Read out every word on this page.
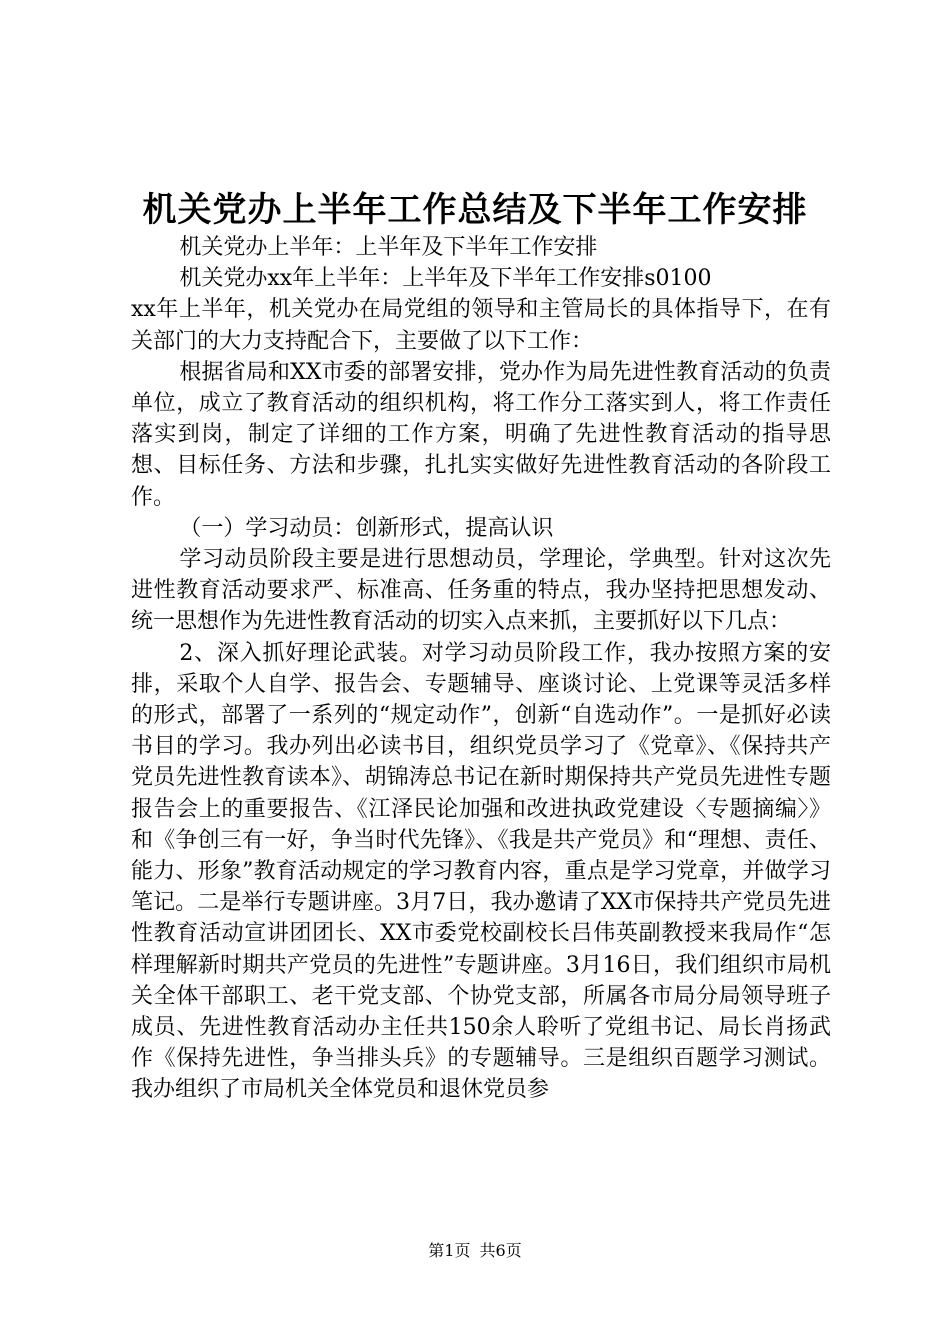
机关党办上半年工作总结及下半年工作安排

机关党办上半年：上半年及下半年工作安排

机关党办xx年上半年：上半年及下半年工作安排s0100

xx年上半年，机关党办在局党组的领导和主管局长的具体指导下，在有关部门的大力支持配合下，主要做了以下工作：

根据省局和XX市委的部署安排，党办作为局先进性教育活动的负责单位，成立了教育活动的组织机构，将工作分工落实到人，将工作责任落实到岗，制定了详细的工作方案，明确了先进性教育活动的指导思想、目标任务、方法和步骤，扎扎实实做好先进性教育活动的各阶段工作。

（一）学习动员：创新形式，提高认识

学习动员阶段主要是进行思想动员，学理论，学典型。针对这次先进性教育活动要求严、标准高、任务重的特点，我办坚持把思想发动、统一思想作为先进性教育活动的切实入点来抓，主要抓好以下几点：

2、深入抓好理论武装。对学习动员阶段工作，我办按照方案的安排，采取个人自学、报告会、专题辅导、座谈讨论、上党课等灵活多样的形式，部署了一系列的“规定动作”，创新“自选动作”。一是抓好必读书目的学习。我办列出必读书目，组织党员学习了《党章》、《保持共产党员先进性教育读本》、胡锦涛总书记在新时期保持共产党员先进性专题报告会上的重要报告、《江泽民论加强和改进执政党建设〈专题摘编〉》和《争创三有一好，争当时代先锋》、《我是共产党员》和“理想、责任、能力、形象”教育活动规定的学习教育内容，重点是学习党章，并做学习笔记。二是举行专题讲座。3月7日，我办邀请了XX市保持共产党员先进性教育活动宣讲团团长、XX市委党校副校长吕伟英副教授来我局作“怎样理解新时期共产党员的先进性”专题讲座。3月16日，我们组织市局机关全体干部职工、老干党支部、个协党支部，所属各市局分局领导班子成员、先进性教育活动办主任共150余人聆听了党组书记、局长肖扬武作《保持先进性，争当排头兵》的专题辅导。三是组织百题学习测试。我办组织了市局机关全体党员和退休党员参

第1页 共6页
